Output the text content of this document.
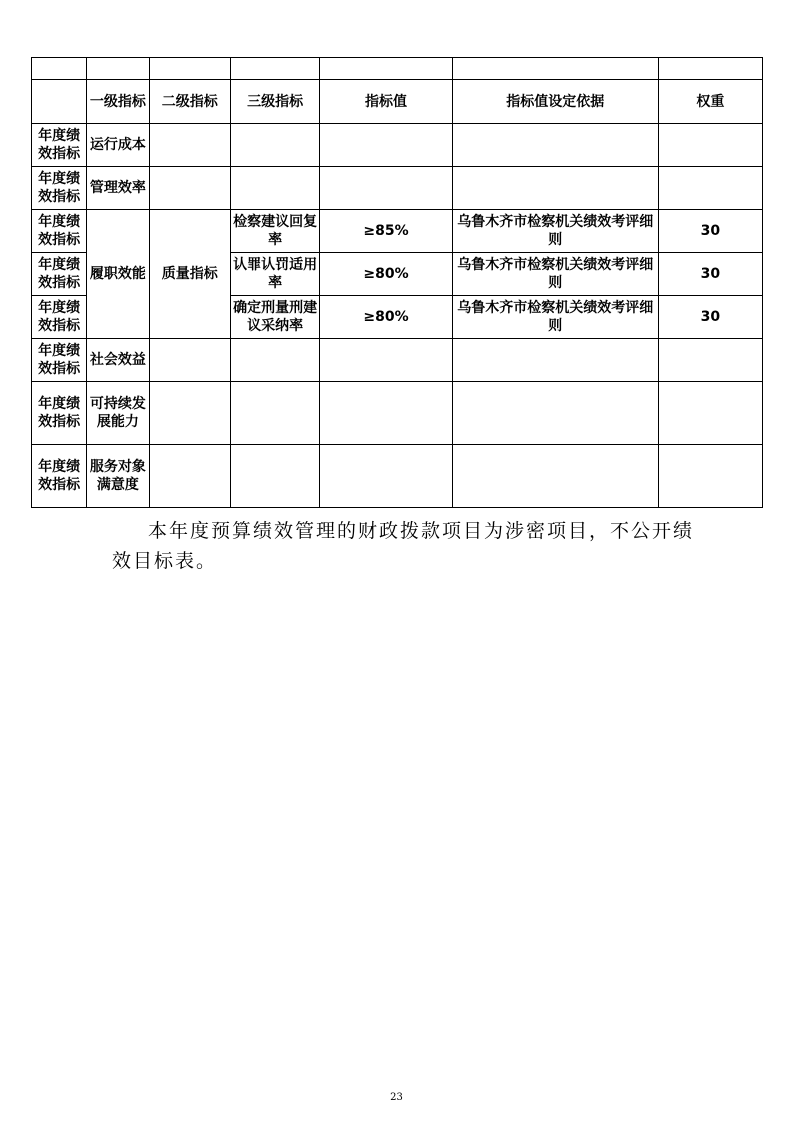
	一级指标	二级指标	三级指标	指标值	指标值设定依据	权重
年度绩效指标	运行成本					
年度绩效指标	管理效率					
年度绩效指标	履职效能	质量指标	检察建议回复率	≥85%	乌鲁木齐市检察机关绩效考评细则	30
年度绩效指标			认罪认罚适用率	≥80%	乌鲁木齐市检察机关绩效考评细则	30
年度绩效指标			确定刑量刑建议采纳率	≥80%	乌鲁木齐市检察机关绩效考评细则	30
年度绩效指标	社会效益					
年度绩效指标	可持续发展能力					
年度绩效指标	服务对象满意度					

本年度预算绩效管理的财政拨款项目为涉密项目，不公开绩效目标表。

23
